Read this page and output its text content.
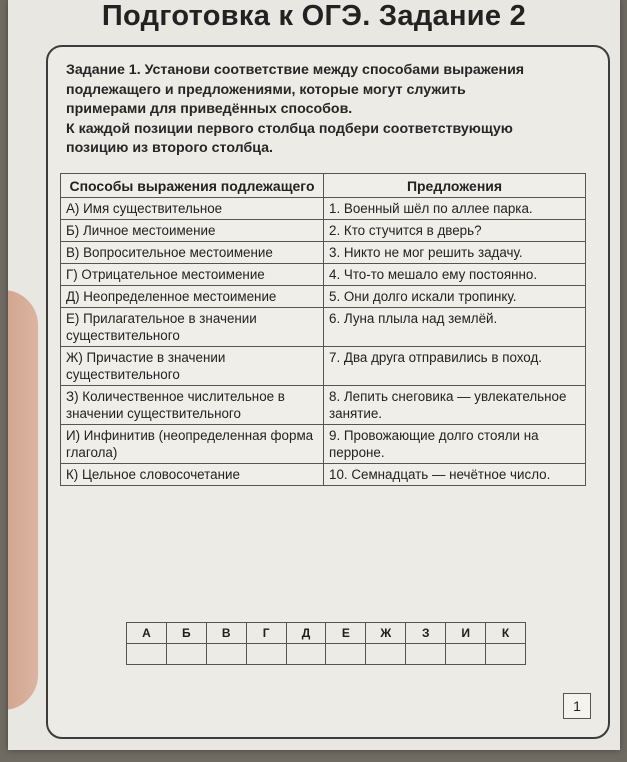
Подготовка к ОГЭ. Задание 2
Задание 1. Установи соответствие между способами выражения
подлежащего и предложениями, которые могут служить
примерами для приведённых способов.
К каждой позиции первого столбца подбери соответствующую
позицию из второго столбца.
Способы выражения подлежащего	Предложения
А) Имя существительное	1. Военный шёл по аллее парка.
Б) Личное местоимение	2. Кто стучится в дверь?
В) Вопросительное местоимение	3. Никто не мог решить задачу.
Г) Отрицательное местоимение	4. Что-то мешало ему постоянно.
Д) Неопределенное местоимение	5. Они долго искали тропинку.
Е) Прилагательное в значении существительного	6. Луна плыла над землёй.
Ж) Причастие в значении существительного	7. Два друга отправились в поход.
З) Количественное числительное в значении существительного	8. Лепить снеговика — увлекательное занятие.
И) Инфинитив (неопределенная форма глагола)	9. Провожающие долго стояли на перроне.
К) Цельное словосочетание	10. Семнадцать — нечётное число.
А	Б	В	Г	Д	Е	Ж	З	И	К

1
